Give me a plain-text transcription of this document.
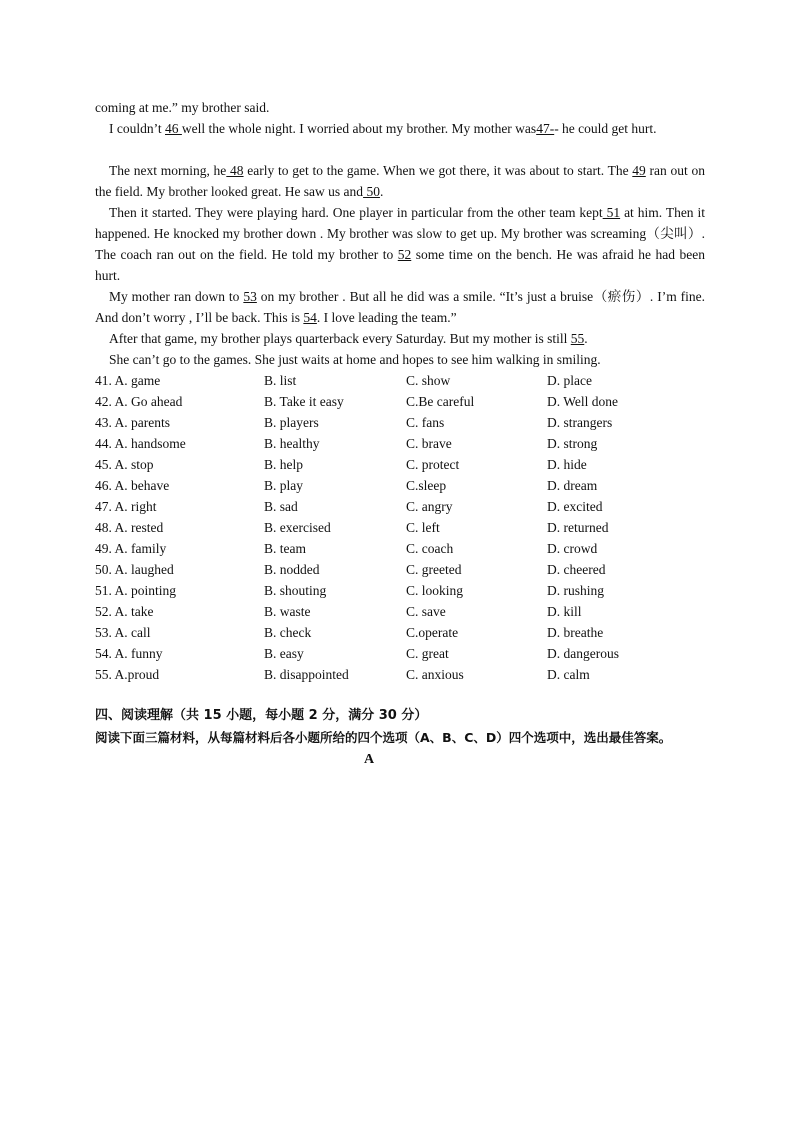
coming at me.” my brother said.

I couldn’t 46 well the whole night. I worried about my brother. My mother was47-- he could get hurt.

The next morning, he 48 early to get to the game. When we got there, it was about to start. The 49 ran out on the field. My brother looked great. He saw us and 50.

Then it started. They were playing hard. One player in particular from the other team kept 51 at him. Then it happened. He knocked my brother down . My brother was slow to get up. My brother was screaming（尖叫）. The coach ran out on the field. He told my brother to 52 some time on the bench. He was afraid he had been hurt.

My mother ran down to 53 on my brother . But all he did was a smile. “It’s just a bruise（瘀伤）. I’m fine. And don’t worry , I’ll be back. This is 54. I love leading the team.”

After that game, my brother plays quarterback every Saturday. But my mother is still 55.

She can’t go to the games. She just waits at home and hopes to see him walking in smiling.

41. A. game	B. list	C. show	D. place
42. A. Go ahead	B. Take it easy	C.Be careful	D. Well done
43. A. parents	B. players	C. fans	D. strangers
44. A. handsome	B. healthy	C. brave	D. strong
45. A. stop	B. help	C. protect	D. hide
46. A. behave	B. play	C.sleep	D. dream
47. A. right	B. sad	C. angry	D. excited
48. A. rested	B. exercised	C. left	D. returned
49. A. family	B. team	C. coach	D. crowd
50. A. laughed	B. nodded	C. greeted	D. cheered
51. A. pointing	B. shouting	C. looking	D. rushing
52. A. take	B. waste	C. save	D. kill
53. A. call	B. check	C.operate	D. breathe
54. A. funny	B. easy	C. great	D. dangerous
55. A.proud	B. disappointed	C. anxious	D. calm
四、阅读理解（共 15 小题，每小题 2 分，满分 30 分）
阅读下面三篇材料，从每篇材料后各小题所给的四个选项（A、B、C、D）四个选项中，选出最佳答案。
A
